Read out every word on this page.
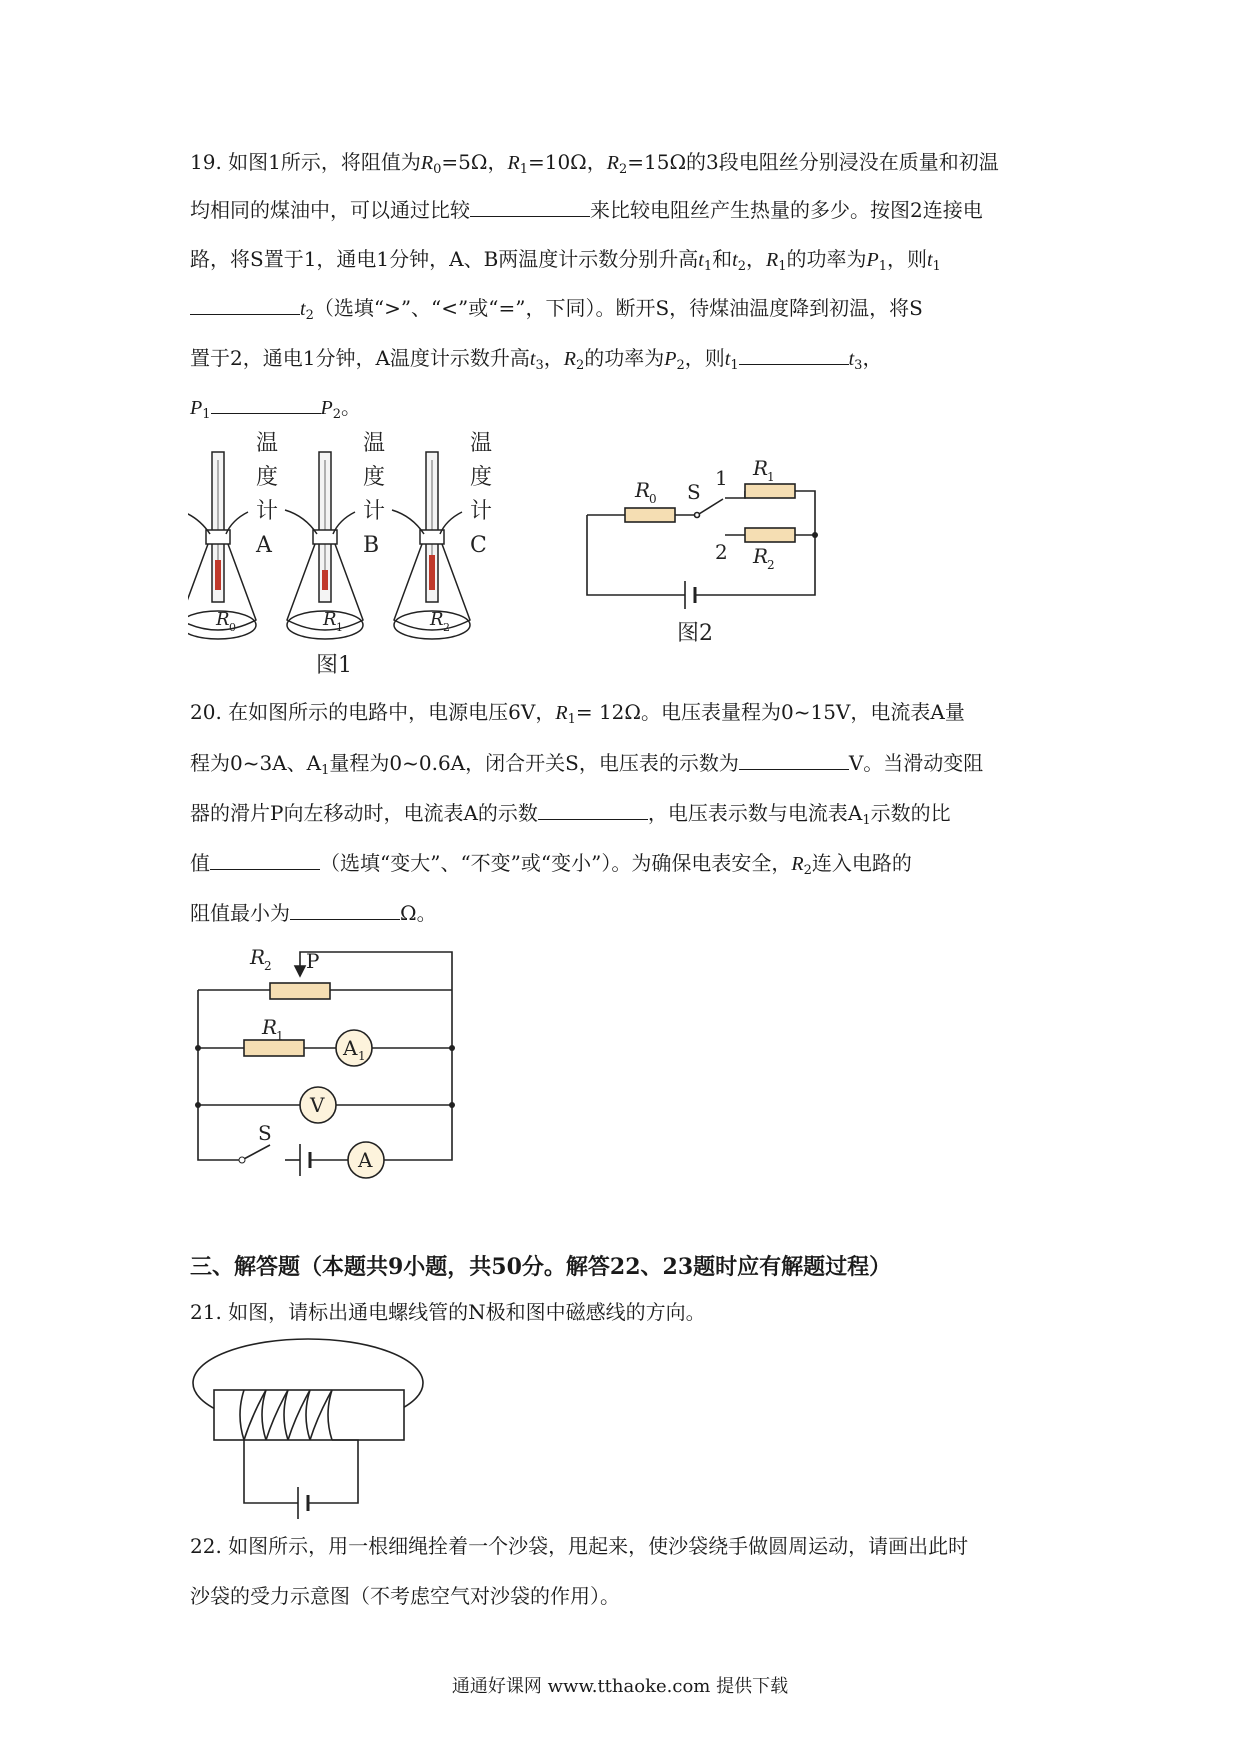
19. 如图1所示，将阻值为$R_0=5\Omega$，$R_1=10\Omega$，$R_2=15\Omega$的3段电阻丝分别浸没在质量和初温
均相同的煤油中，可以通过比较	来比较电阻丝产生热量的多少。按图2连接电
路，将S置于1，通电1分钟，A、B两温度计示数分别升高$t_1$和$t_2$，$R_1$的功率为$P_1$，则$t_1$
$t_2$（选填“>”、“<”或“=”，下同）。断开S，待煤油温度降到初温，将S
置于2，通电1分钟，A温度计示数升高$t_3$，$R_2$的功率为$P_2$，则$t_1$	$t_3$，
$P_1$	$P_2$。
温
度
计
A
温
度
计
B
温
度
计
C
R 0	R 1	R 2
图1
R
0 S
1
2
R
1
R
2
图2
20. 在如图所示的电路中，电源电压6V，$R_1= 12\Omega$。电压表量程为0~15V，电流表A量
程为0~3A、$A_1$量程为0~0.6A，闭合开关S，电压表的示数为	V。当滑动变阻
器的滑片P向左移动时，电流表A的示数	，电压表示数与电流表$A_1$示数的比
值	（选填“变大”、“不变”或“变小”）。为确保电表安全，$R_2$连入电路的
阻值最小为	Ω。
R
2 P
R
1	A 1
V
A
S
三、解答题（本题共9小题，共50分。解答22、23题时应有解题过程）
21. 如图，请标出通电螺线管的N极和图中磁感线的方向。
22. 如图所示，用一根细绳拴着一个沙袋，甩起来，使沙袋绕手做圆周运动，请画出此时
沙袋的受力示意图（不考虑空气对沙袋的作用）。
通通好课网 www.tthaoke.com 提供下载
